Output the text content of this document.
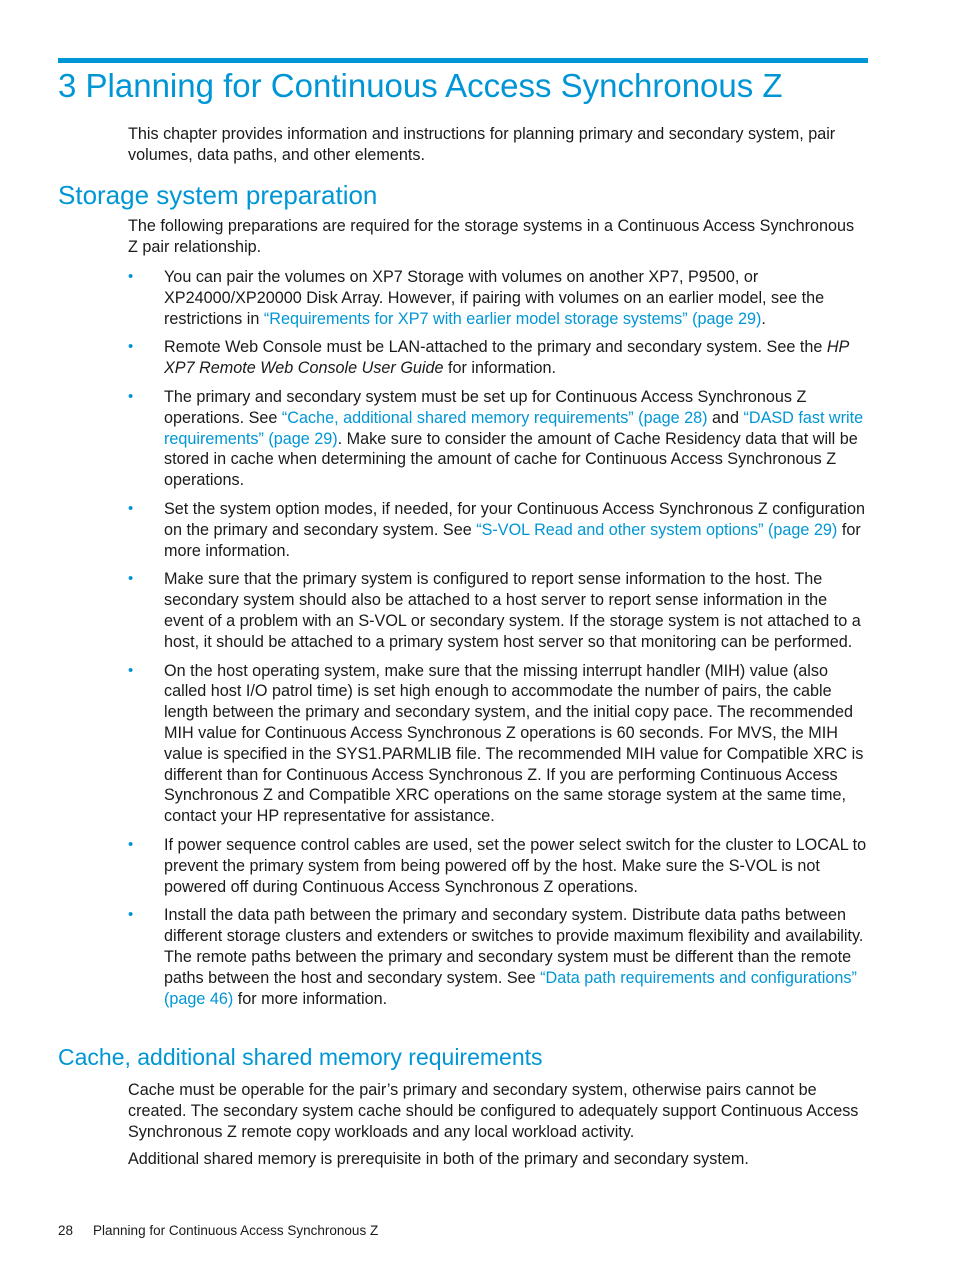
3 Planning for Continuous Access Synchronous Z

This chapter provides information and instructions for planning primary and secondary system, pair volumes, data paths, and other elements.

Storage system preparation

The following preparations are required for the storage systems in a Continuous Access Synchronous Z pair relationship.

• You can pair the volumes on XP7 Storage with volumes on another XP7, P9500, or XP24000/XP20000 Disk Array. However, if pairing with volumes on an earlier model, see the restrictions in “Requirements for XP7 with earlier model storage systems” (page 29).
• Remote Web Console must be LAN-attached to the primary and secondary system. See the HP XP7 Remote Web Console User Guide for information.
• The primary and secondary system must be set up for Continuous Access Synchronous Z operations. See “Cache, additional shared memory requirements” (page 28) and “DASD fast write requirements” (page 29). Make sure to consider the amount of Cache Residency data that will be stored in cache when determining the amount of cache for Continuous Access Synchronous Z operations.
• Set the system option modes, if needed, for your Continuous Access Synchronous Z configuration on the primary and secondary system. See “S-VOL Read and other system options” (page 29) for more information.
• Make sure that the primary system is configured to report sense information to the host. The secondary system should also be attached to a host server to report sense information in the event of a problem with an S-VOL or secondary system. If the storage system is not attached to a host, it should be attached to a primary system host server so that monitoring can be performed.
• On the host operating system, make sure that the missing interrupt handler (MIH) value (also called host I/O patrol time) is set high enough to accommodate the number of pairs, the cable length between the primary and secondary system, and the initial copy pace. The recommended MIH value for Continuous Access Synchronous Z operations is 60 seconds. For MVS, the MIH value is specified in the SYS1.PARMLIB file. The recommended MIH value for Compatible XRC is different than for Continuous Access Synchronous Z. If you are performing Continuous Access Synchronous Z and Compatible XRC operations on the same storage system at the same time, contact your HP representative for assistance.
• If power sequence control cables are used, set the power select switch for the cluster to LOCAL to prevent the primary system from being powered off by the host. Make sure the S-VOL is not powered off during Continuous Access Synchronous Z operations.
• Install the data path between the primary and secondary system. Distribute data paths between different storage clusters and extenders or switches to provide maximum flexibility and availability. The remote paths between the primary and secondary system must be different than the remote paths between the host and secondary system. See “Data path requirements and configurations” (page 46) for more information.
Cache, additional shared memory requirements

Cache must be operable for the pair’s primary and secondary system, otherwise pairs cannot be created. The secondary system cache should be configured to adequately support Continuous Access Synchronous Z remote copy workloads and any local workload activity.

Additional shared memory is prerequisite in both of the primary and secondary system.

28 Planning for Continuous Access Synchronous Z
